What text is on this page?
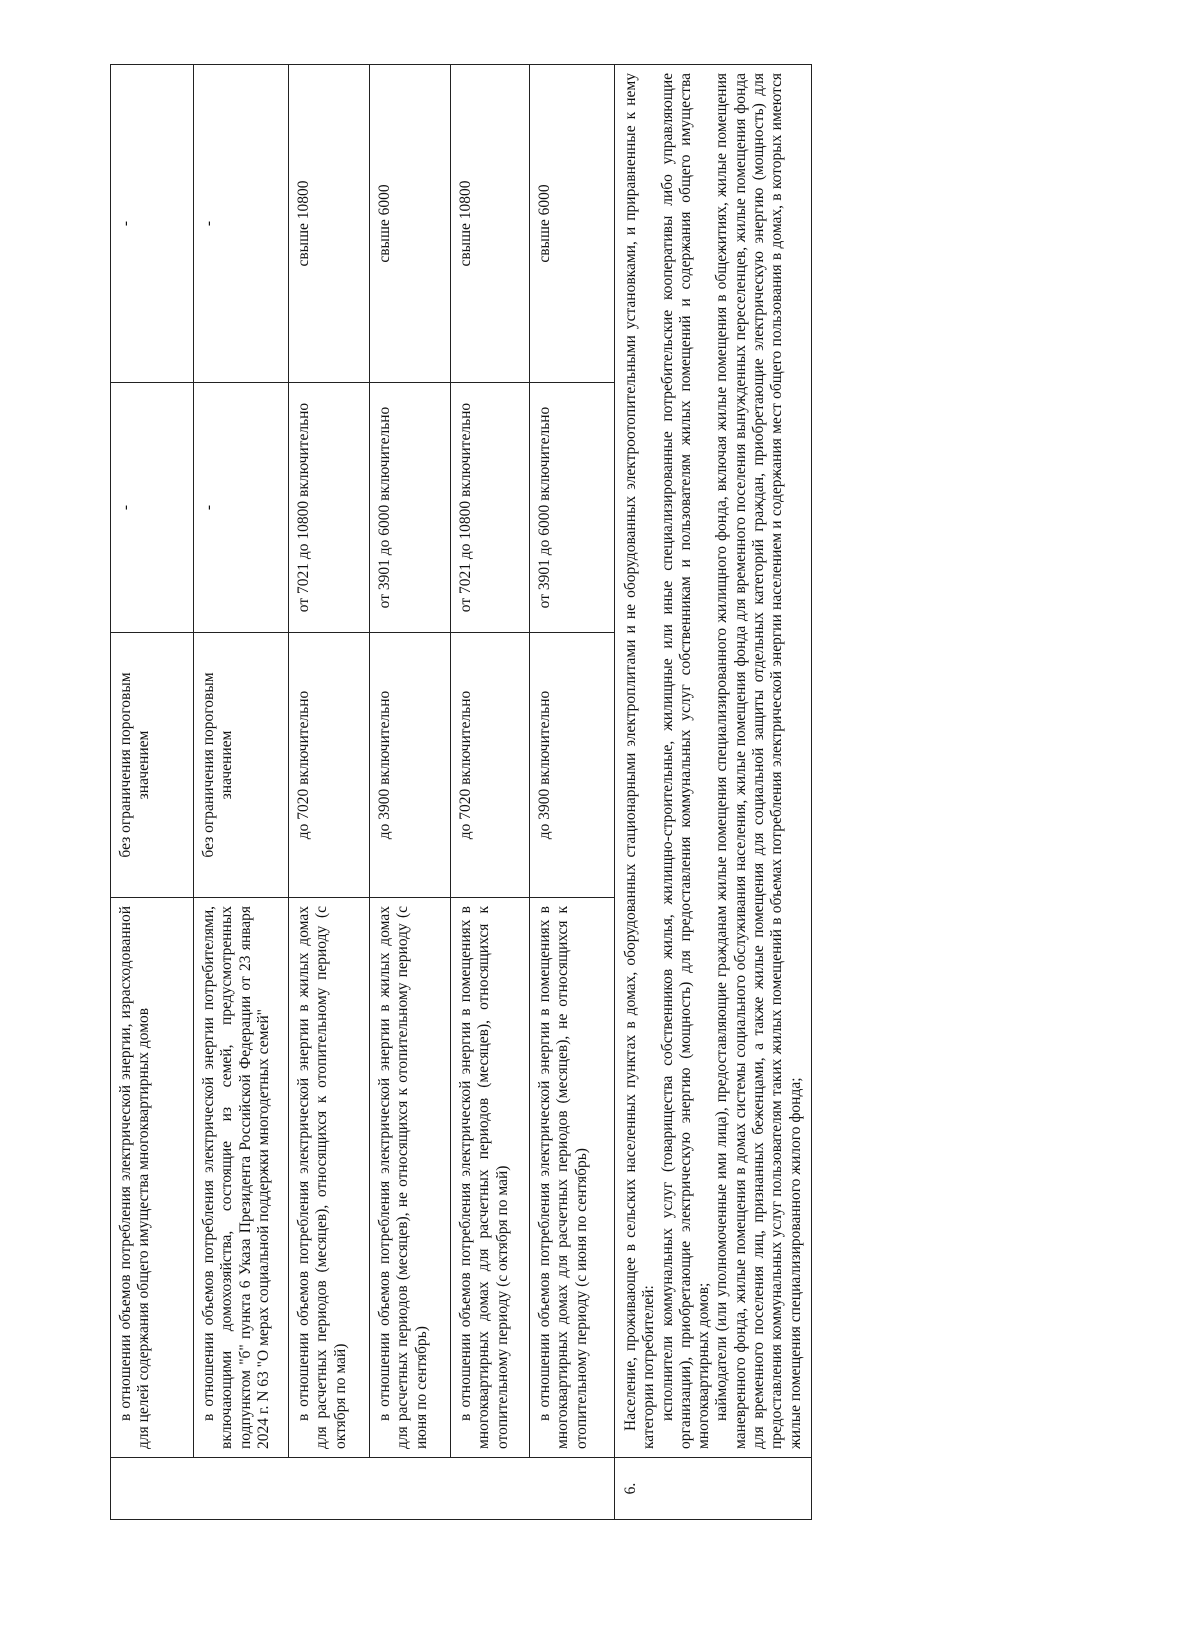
	в отношении объемов потребления электрической энергии, израсходованной для целей содержания общего имущества многоквартирных домов	без ограничения пороговым значением	-	-
	в отношении объемов потребления электрической энергии потребителями, включающими домохозяйства, состоящие из семей, предусмотренных подпунктом "б" пункта 6 Указа Президента Российской Федерации от 23 января 2024 г. N 63 "О мерах социальной поддержки многодетных семей"	без ограничения пороговым значением	-	-
	в отношении объемов потребления электрической энергии в жилых домах для расчетных периодов (месяцев), относящихся к отопительному периоду (с октября по май)	до 7020 включительно	от 7021 до 10800 включительно	свыше 10800
	в отношении объемов потребления электрической энергии в жилых домах для расчетных периодов (месяцев), не относящихся к отопительному периоду (с июня по сентябрь)	до 3900 включительно	от 3901 до 6000 включительно	свыше 6000
	в отношении объемов потребления электрической энергии в помещениях в многоквартирных домах для расчетных периодов (месяцев), относящихся к отопительному периоду (с октября по май)	до 7020 включительно	от 7021 до 10800 включительно	свыше 10800
	в отношении объемов потребления электрической энергии в помещениях в многоквартирных домах для расчетных периодов (месяцев), не относящихся к отопительному периоду (с июня по сентябрь)	до 3900 включительно	от 3901 до 6000 включительно	свыше 6000
6.	Население, проживающее в сельских населенных пунктах в домах, оборудованных стационарными электроплитами и не оборудованных электроотопительными установками, и приравненные к нему категории потребителей: исполнители коммунальных услуг (товарищества собственников жилья, жилищно-строительные, жилищные или иные специализированные потребительские кооперативы либо управляющие организации), приобретающие электрическую энергию (мощность) для предоставления коммунальных услуг собственникам и пользователям жилых помещений и содержания общего имущества многоквартирных домов; наймодатели (или уполномоченные ими лица), предоставляющие гражданам жилые помещения специализированного жилищного фонда, включая жилые помещения в общежитиях, жилые помещения маневренного фонда, жилые помещения в домах системы социального обслуживания населения, жилые помещения фонда для временного поселения вынужденных переселенцев, жилые помещения фонда для временного поселения лиц, признанных беженцами, а также жилые помещения для социальной защиты отдельных категорий граждан, приобретающие электрическую энергию (мощность) для предоставления коммунальных услуг пользователям таких жилых помещений в объемах потребления электрической энергии населением и содержания мест общего пользования в домах, в которых имеются жилые помещения специализированного жилого фонда;			
